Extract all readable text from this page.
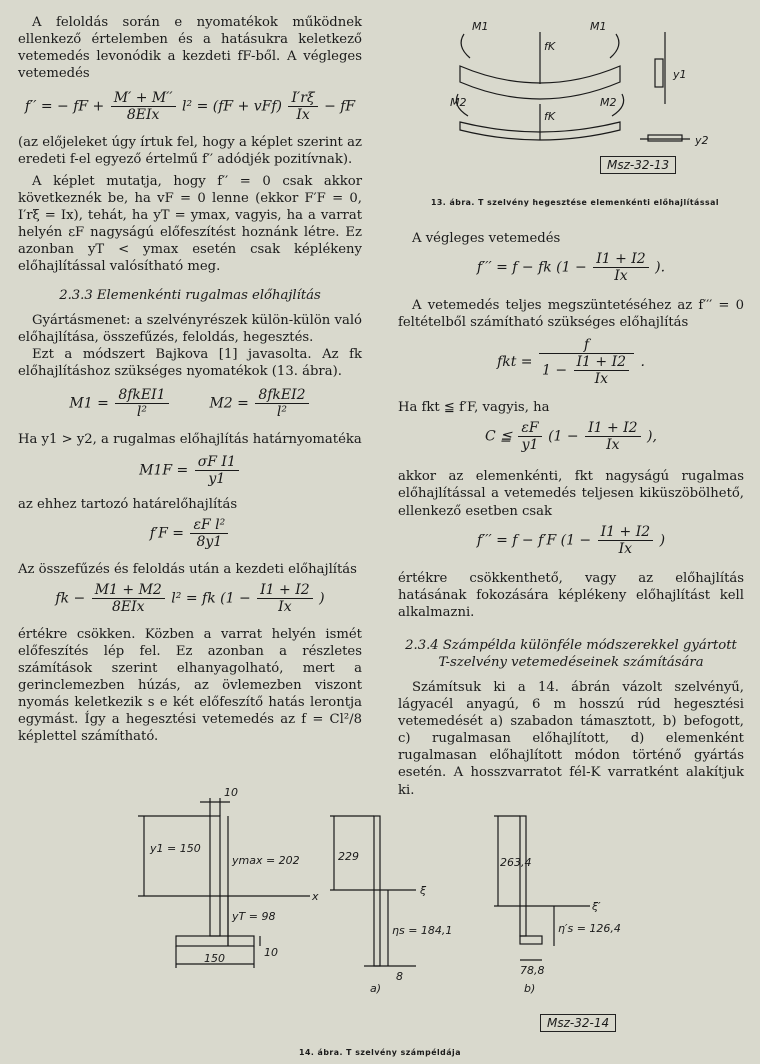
A feloldás során e nyomatékok működnek ellenkező értelemben és a hatásukra keletkező vetemedés levonódik a kezdeti fF-ből. A végleges vetemedés

f′′ = − fF + $\frac{M' + M''}{\text{8EIx}} l^2 = (fF + vFf) \frac{I'r\xi}{Ix}$ − fF

(az előjeleket úgy írtuk fel, hogy a képlet szerint az eredeti f-el egyező értelmű f′′ adódjék pozitívnak).

A képlet mutatja, hogy f′′ = 0 csak akkor következnék be, ha vF = 0 lenne (ekkor F′F = 0, I′rξ = Ix), tehát, ha yT = ymax, vagyis, ha a varrat helyén εF nagyságú előfeszítést hoznánk létre. Ez azonban yT < ymax esetén csak képlékeny előhajlítással valósítható meg.

2.3.3 Elemenkénti rugalmas előhajlítás

Gyártásmenet: a szelvényrészek külön-külön való előhajlítása, összefűzés, feloldás, hegesztés.

Ezt a módszert Bajkova [1] javasolta. Az fk előhajlításhoz szükséges nyomatékok (13. ábra).

$M1 = \frac{\text{8fkEI1}}{\text{l²}}$	$M2 = \frac{\text{8fkEI2}}{\text{l²}}$

Ha y1 > y2, a rugalmas előhajlítás határnyomatéka

$M1F = \frac{\text{σF I1}}{y1}$

az ehhez tartozó határelőhajlítás

$f'F = \frac{\text{εF l²}}{8y1}$

Az összefűzés és feloldás után a kezdeti előhajlítás

fk − $\frac{M1 + M2}{\text{8EIx}} l^2$ = fk ($1 - \frac{I1 + I2}{Ix}$ )

értékre csökken. Közben a varrat helyén ismét előfeszítés lép fel. Ez azonban a részletes számítások szerint elhanyagolható, mert a gerinclemezben húzás, az övlemezben viszont nyomás keletkezik s e két előfeszítő hatás lerontja egymást. Így a hegesztési vetemedés az f = Cl²/8 képlettel számítható.

M1	M1
M2	M2
fK
fK
y1
y2
Msz-32-13

13. ábra. T szelvény hegesztése elemenkénti előhajlítással

A végleges vetemedés

f′′′ = f − fk ($1 - \frac{I1 + I2}{Ix}$ ).

A vetemedés teljes megszüntetéséhez az f′′′ = 0 feltételből számítható szükséges előhajlítás

fkt = $\frac{f}{1 - \frac{I1 + I2}{Ix}}$ .

Ha fkt ≦ f′F, vagyis, ha

C ≦ $\frac{\varepsilon F}{y1} (1 - \frac{I1 + I2}{Ix}$ ),

akkor az elemenkénti, fkt nagyságú rugalmas előhajlítással a vetemedés teljesen kiküszöbölhető, ellenkező esetben csak

f′′′ = f − f′F ($1 - \frac{I1 + I2}{Ix}$ )

értékre csökkenthető, vagy az előhajlítás hatásának fokozására képlékeny előhajlítást kell alkalmazni.

2.3.4 Számpélda különféle módszerekkel gyártott T-szelvény vetemedéseinek számítására

Számítsuk ki a 14. ábrán vázolt szelvényű, lágyacél anyagú, 6 m hosszú rúd hegesztési vetemedését a) szabadon támasztott, b) befogott, c) rugalmasan előhajlított, d) elemenként rugalmasan előhajlított módon történő gyártás esetén. A hosszvarratot fél-K varratként alakítjuk ki.

10
y1 = 150
ymax = 202
x
yT = 98
10
150
229
ξ
ηs = 184,1
8
a)
263,4
ξ′
η′s = 126,4
78,8
b)
Msz-32-14

14. ábra. T szelvény számpéldája
